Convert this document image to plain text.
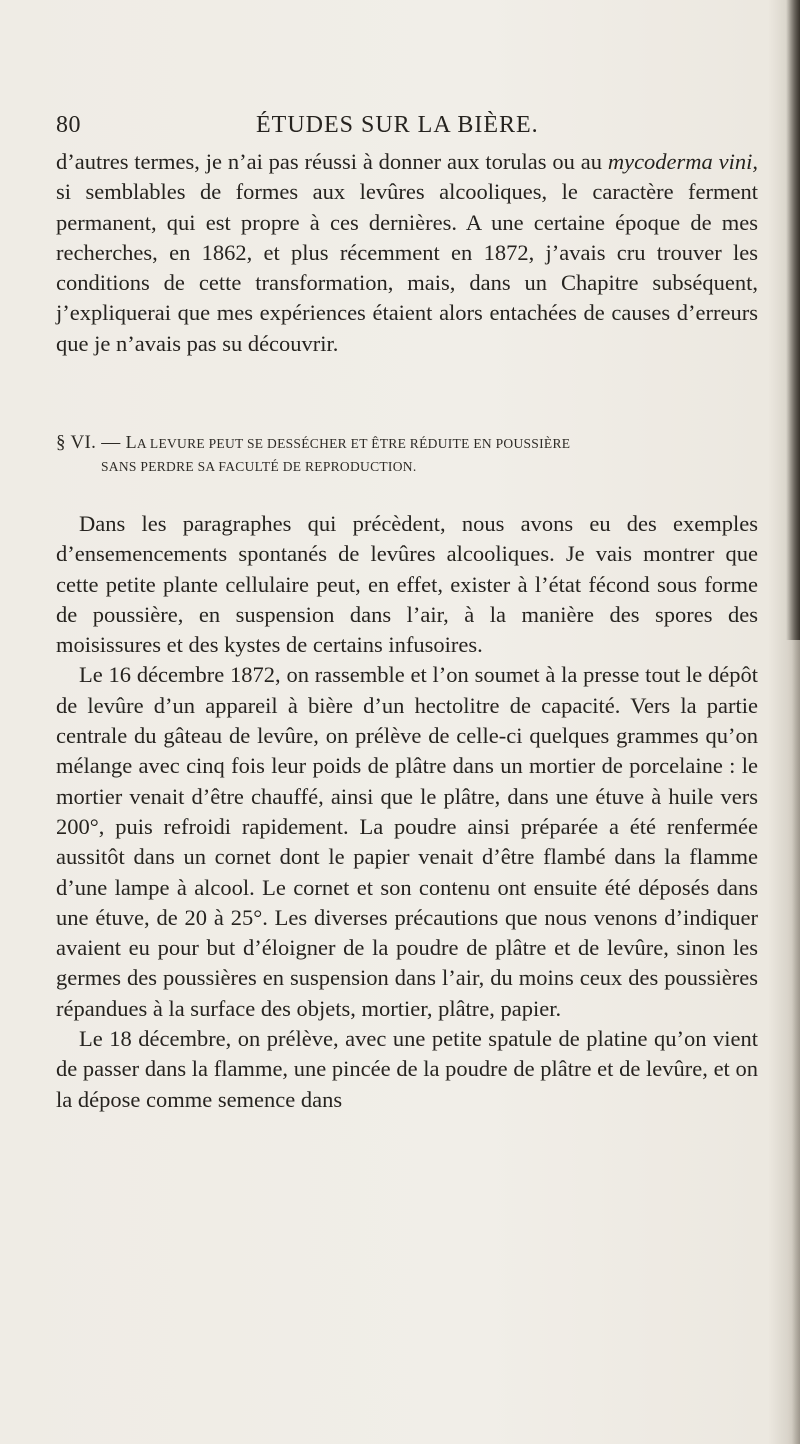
80	ÉTUDES SUR LA BIÈRE.

d’autres termes, je n’ai pas réussi à donner aux torulas ou au mycoderma vini, si semblables de formes aux levûres alcooliques, le caractère ferment permanent, qui est propre à ces dernières. A une certaine époque de mes recherches, en 1862, et plus récemment en 1872, j’avais cru trouver les conditions de cette transformation, mais, dans un Chapitre subséquent, j’expliquerai que mes expériences étaient alors entachées de causes d’erreurs que je n’avais pas su découvrir.

§ VI. — LA LEVURE PEUT SE DESSÉCHER ET ÊTRE RÉDUITE EN POUSSIÈRE
SANS PERDRE SA FACULTÉ DE REPRODUCTION.

Dans les paragraphes qui précèdent, nous avons eu des exemples d’ensemencements spontanés de levûres alcooliques. Je vais montrer que cette petite plante cellulaire peut, en effet, exister à l’état fécond sous forme de poussière, en suspension dans l’air, à la manière des spores des moisissures et des kystes de certains infusoires.

Le 16 décembre 1872, on rassemble et l’on soumet à la presse tout le dépôt de levûre d’un appareil à bière d’un hectolitre de capacité. Vers la partie centrale du gâteau de levûre, on prélève de celle-ci quelques grammes qu’on mélange avec cinq fois leur poids de plâtre dans un mortier de porcelaine : le mortier venait d’être chauffé, ainsi que le plâtre, dans une étuve à huile vers 200°, puis refroidi rapidement. La poudre ainsi préparée a été renfermée aussitôt dans un cornet dont le papier venait d’être flambé dans la flamme d’une lampe à alcool. Le cornet et son contenu ont ensuite été déposés dans une étuve, de 20 à 25°. Les diverses précautions que nous venons d’indiquer avaient eu pour but d’éloigner de la poudre de plâtre et de levûre, sinon les germes des poussières en suspension dans l’air, du moins ceux des poussières répandues à la surface des objets, mortier, plâtre, papier.

Le 18 décembre, on prélève, avec une petite spatule de platine qu’on vient de passer dans la flamme, une pincée de la poudre de plâtre et de levûre, et on la dépose comme semence dans
